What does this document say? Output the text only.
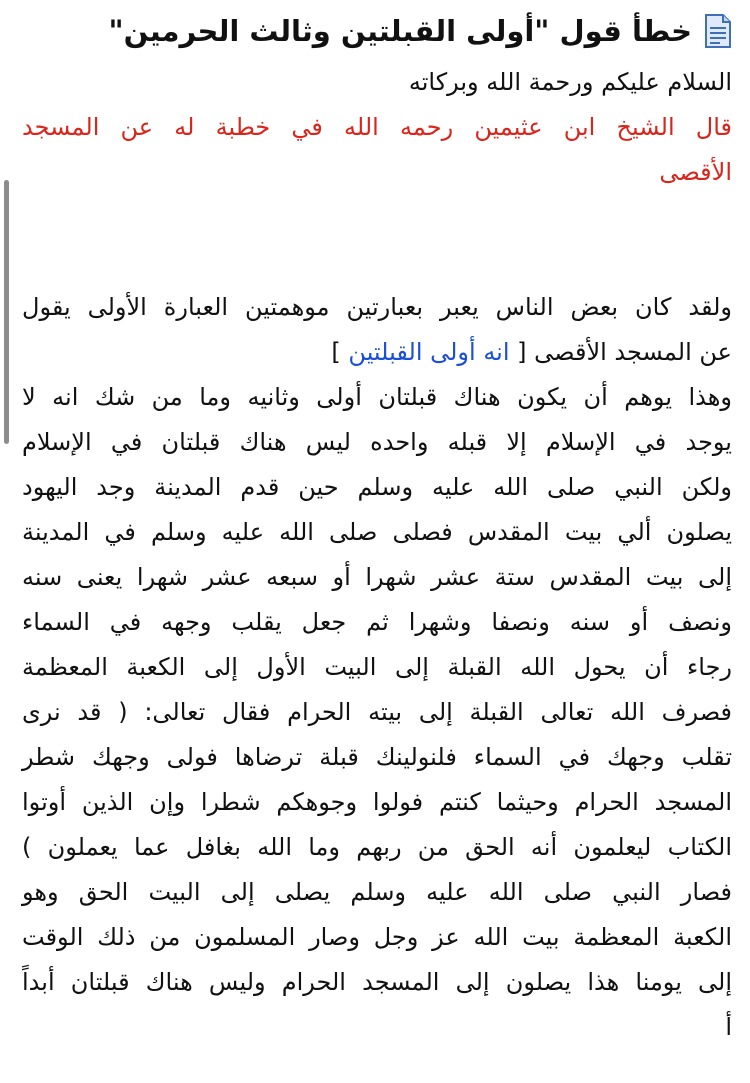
خطأ قول "أولى القبلتين وثالث الحرمين"
السلام عليكم ورحمة الله وبركاته
قال الشيخ ابن عثيمين رحمه الله في خطبة له عن المسجد
الأقصى
ولقد كان بعض الناس يعبر بعبارتين موهمتين العبارة الأولى يقول
عن المسجد الأقصى [ انه أولى القبلتين ]
وهذا يوهم أن يكون هناك قبلتان أولى وثانيه وما من شك انه لا
يوجد في الإسلام إلا قبله واحده ليس هناك قبلتان في الإسلام
ولكن النبي صلى الله عليه وسلم حين قدم المدينة وجد اليهود
يصلون ألي بيت المقدس فصلى صلى الله عليه وسلم في المدينة
إلى بيت المقدس ستة عشر شهرا أو سبعه عشر شهرا يعنى سنه
ونصف أو سنه ونصفا وشهرا ثم جعل يقلب وجهه في السماء
رجاء أن يحول الله القبلة إلى البيت الأول إلى الكعبة المعظمة
فصرف الله تعالى القبلة إلى بيته الحرام فقال تعالى: ( قد نرى
تقلب وجهك في السماء فلنولينك قبلة ترضاها فولى وجهك شطر
المسجد الحرام وحيثما كنتم فولوا وجوهكم شطرا وإن الذين أوتوا
الكتاب ليعلمون أنه الحق من ربهم وما الله بغافل عما يعملون )
فصار النبي صلى الله عليه وسلم يصلى إلى البيت الحق وهو
الكعبة المعظمة بيت الله عز وجل وصار المسلمون من ذلك الوقت
إلى يومنا هذا يصلون إلى المسجد الحرام وليس هناك قبلتان أبداً
أ
